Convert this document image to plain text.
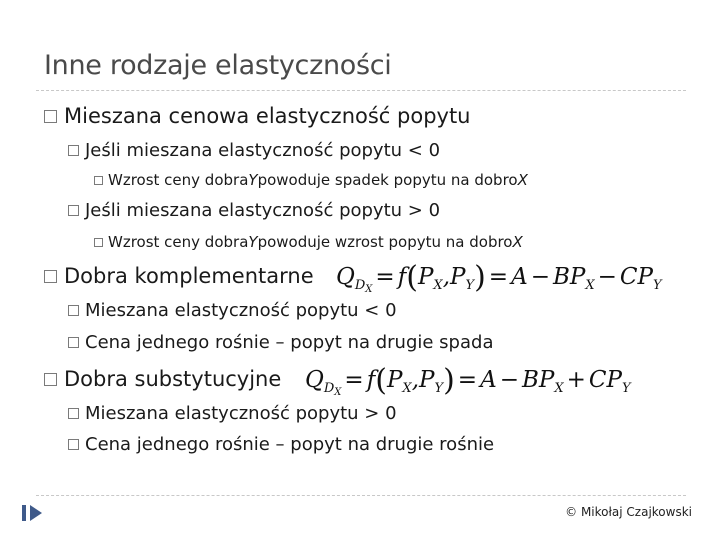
Inne rodzaje elastyczności
Mieszana cenowa elastyczność popytu
Jeśli mieszana elastyczność popytu < 0
Wzrost ceny dobra Y powoduje spadek popytu na dobro X
Jeśli mieszana elastyczność popytu > 0
Wzrost ceny dobra Y powoduje wzrost popytu na dobro X
Dobra komplementarne $Q_{D_X} = f(P_X,P_Y) = A - BP_X - CP_Y$
Mieszana elastyczność popytu < 0
Cena jednego rośnie – popyt na drugie spada
Dobra substytucyjne $Q_{D_X} = f(P_X,P_Y) = A - BP_X + CP_Y$
Mieszana elastyczność popytu > 0
Cena jednego rośnie – popyt na drugie rośnie
© Mikołaj Czajkowski
